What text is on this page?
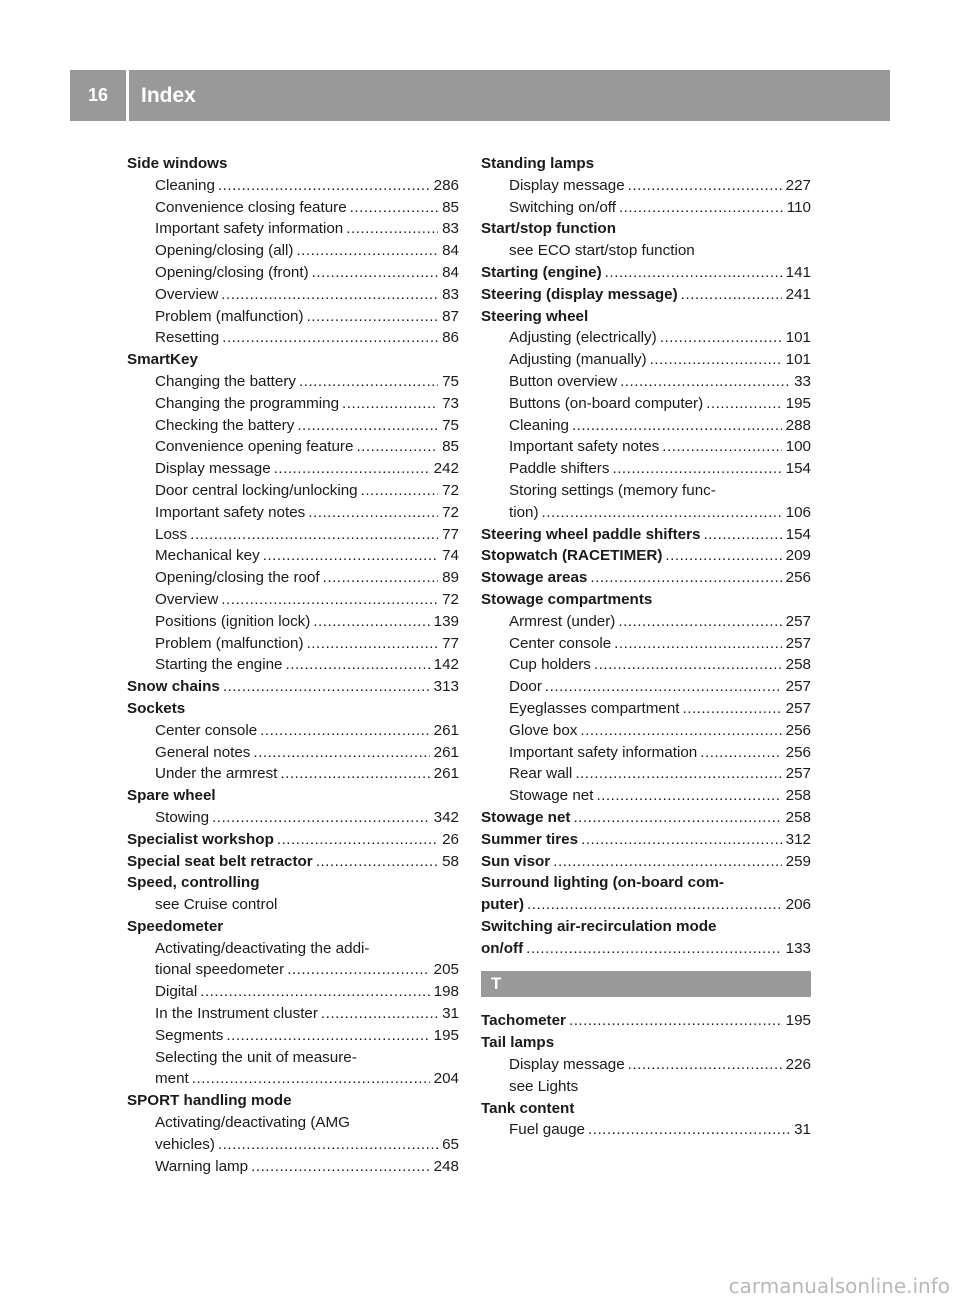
16	Index
Side windows
Cleaning .....	286
Convenience closing feature .....	85
Important safety information .....	83
Opening/closing (all) .....	84
Opening/closing (front) .....	84
Overview .....	83
Problem (malfunction) .....	87
Resetting .....	86
SmartKey
Changing the battery .....	75
Changing the programming .....	73
Checking the battery .....	75
Convenience opening feature .....	85
Display message .....	242
Door central locking/unlocking .....	72
Important safety notes .....	72
Loss .....	77
Mechanical key .....	74
Opening/closing the roof .....	89
Overview .....	72
Positions (ignition lock) .....	139
Problem (malfunction) .....	77
Starting the engine .....	142
Snow chains .....	313
Sockets
Center console .....	261
General notes .....	261
Under the armrest .....	261
Spare wheel
Stowing .....	342
Specialist workshop .....	26
Special seat belt retractor .....	58
Speed, controlling
see Cruise control
Speedometer
Activating/deactivating the addi-
tional speedometer .....	205
Digital .....	198
In the Instrument cluster .....	31
Segments .....	195
Selecting the unit of measure-
ment .....	204
SPORT handling mode
Activating/deactivating (AMG
vehicles) .....	65
Warning lamp .....	248
Standing lamps
Display message .....	227
Switching on/off .....	110
Start/stop function
see ECO start/stop function
Starting (engine) .....	141
Steering (display message) .....	241
Steering wheel
Adjusting (electrically) .....	101
Adjusting (manually) .....	101
Button overview .....	33
Buttons (on-board computer) .....	195
Cleaning .....	288
Important safety notes .....	100
Paddle shifters .....	154
Storing settings (memory func-
tion) .....	106
Steering wheel paddle shifters .....	154
Stopwatch (RACETIMER) .....	209
Stowage areas .....	256
Stowage compartments
Armrest (under) .....	257
Center console .....	257
Cup holders .....	258
Door .....	257
Eyeglasses compartment .....	257
Glove box .....	256
Important safety information .....	256
Rear wall .....	257
Stowage net .....	258
Stowage net .....	258
Summer tires .....	312
Sun visor .....	259
Surround lighting (on-board com-
puter) .....	206
Switching air-recirculation mode
on/off .....	133
T
Tachometer .....	195
Tail lamps
Display message .....	226
see Lights
Tank content
Fuel gauge .....	31
carmanualsonline.info
